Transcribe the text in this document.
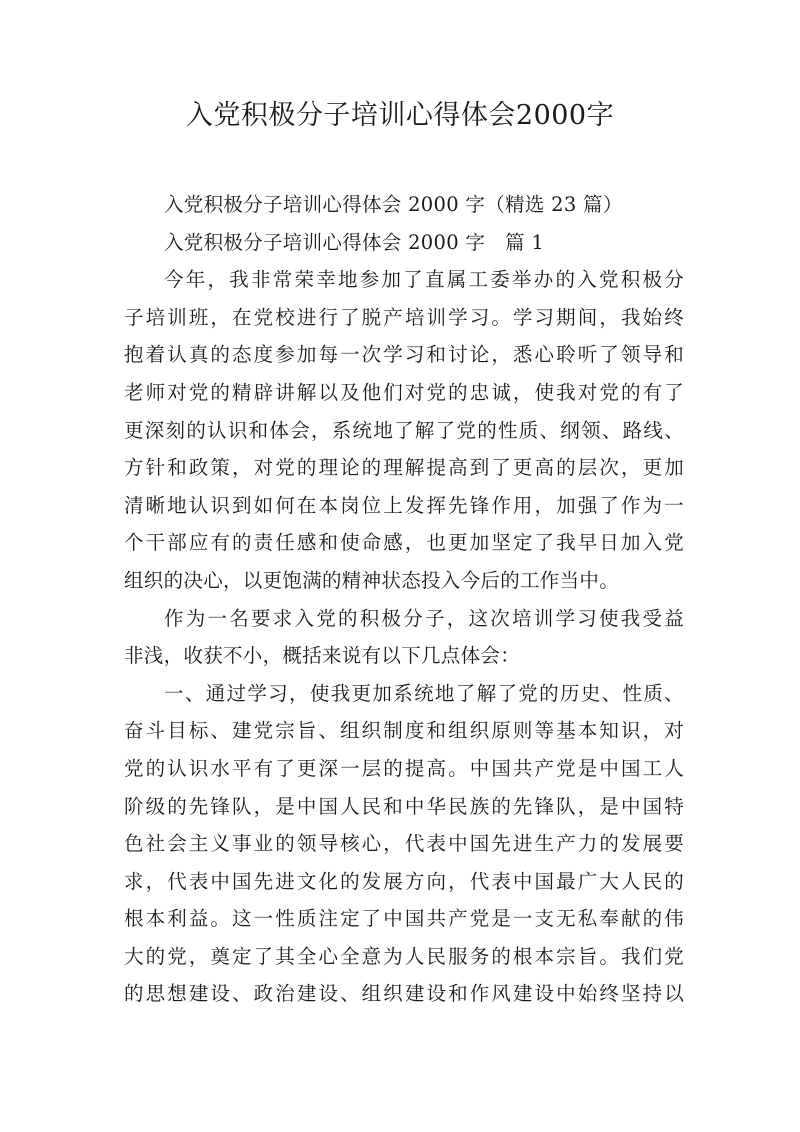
入党积极分子培训心得体会2000字
入党积极分子培训心得体会 2000 字（精选 23 篇）
入党积极分子培训心得体会 2000 字　篇 1
今年，我非常荣幸地参加了直属工委举办的入党积极分
子培训班，在党校进行了脱产培训学习。学习期间，我始终
抱着认真的态度参加每一次学习和讨论，悉心聆听了领导和
老师对党的精辟讲解以及他们对党的忠诚，使我对党的有了
更深刻的认识和体会，系统地了解了党的性质、纲领、路线、
方针和政策，对党的理论的理解提高到了更高的层次，更加
清晰地认识到如何在本岗位上发挥先锋作用，加强了作为一
个干部应有的责任感和使命感，也更加坚定了我早日加入党
组织的决心，以更饱满的精神状态投入今后的工作当中。
作为一名要求入党的积极分子，这次培训学习使我受益
非浅，收获不小，概括来说有以下几点体会：
一、通过学习，使我更加系统地了解了党的历史、性质、
奋斗目标、建党宗旨、组织制度和组织原则等基本知识，对
党的认识水平有了更深一层的提高。中国共产党是中国工人
阶级的先锋队，是中国人民和中华民族的先锋队，是中国特
色社会主义事业的领导核心，代表中国先进生产力的发展要
求，代表中国先进文化的发展方向，代表中国最广大人民的
根本利益。这一性质注定了中国共产党是一支无私奉献的伟
大的党，奠定了其全心全意为人民服务的根本宗旨。我们党
的思想建设、政治建设、组织建设和作风建设中始终坚持以
